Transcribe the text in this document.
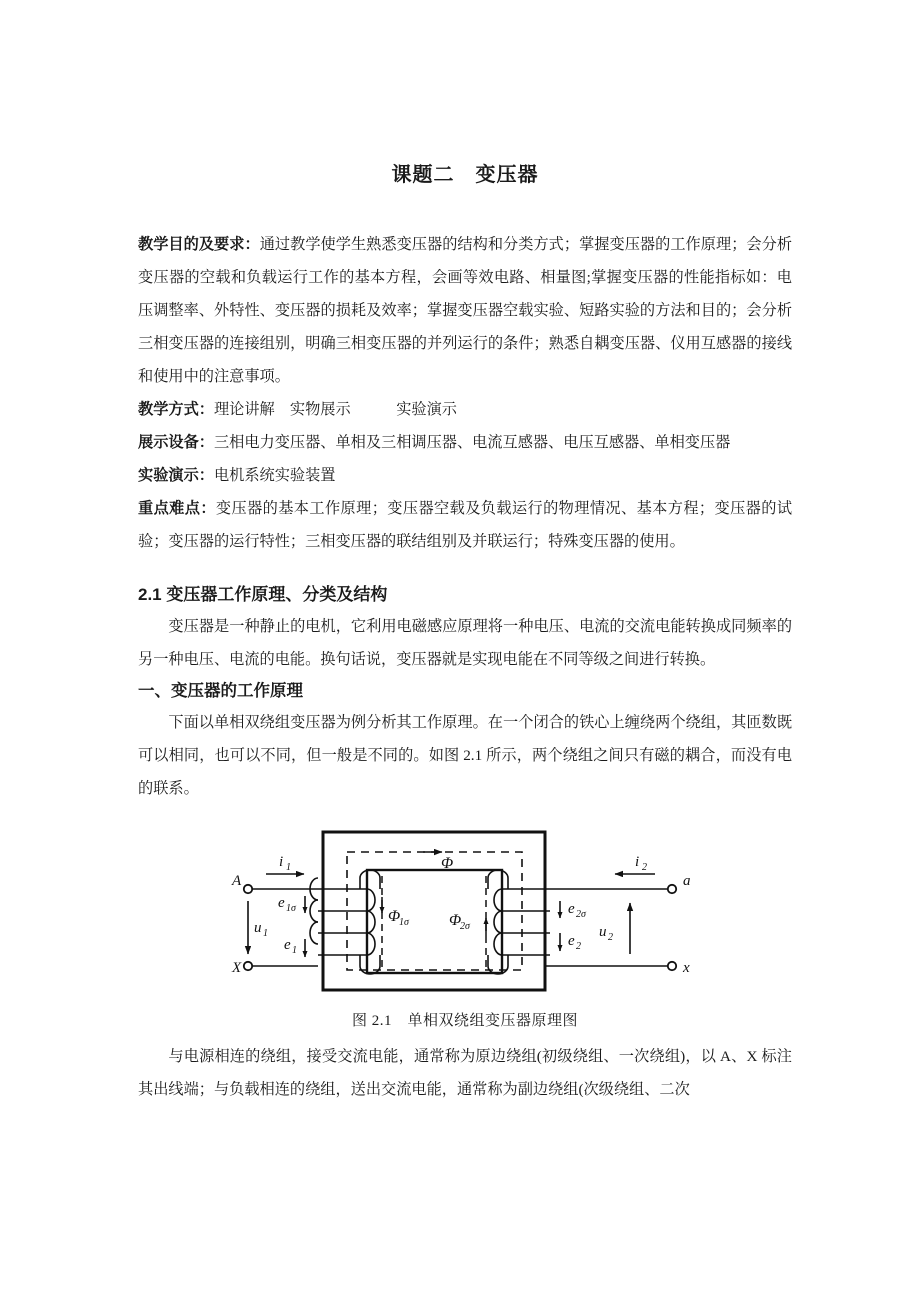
课题二　变压器

教学目的及要求：通过教学使学生熟悉变压器的结构和分类方式；掌握变压器的工作原理；会分析变压器的空载和负载运行工作的基本方程，会画等效电路、相量图;掌握变压器的性能指标如：电压调整率、外特性、变压器的损耗及效率；掌握变压器空载实验、短路实验的方法和目的；会分析三相变压器的连接组别，明确三相变压器的并列运行的条件；熟悉自耦变压器、仪用互感器的接线和使用中的注意事项。

教学方式：理论讲解　实物展示　　　实验演示

展示设备：三相电力变压器、单相及三相调压器、电流互感器、电压互感器、单相变压器

实验演示：电机系统实验装置

重点难点：变压器的基本工作原理；变压器空载及负载运行的物理情况、基本方程；变压器的试验；变压器的运行特性；三相变压器的联结组别及并联运行；特殊变压器的使用。

2.1 变压器工作原理、分类及结构

变压器是一种静止的电机，它利用电磁感应原理将一种电压、电流的交流电能转换成同频率的另一种电压、电流的电能。换句话说，变压器就是实现电能在不同等级之间进行转换。

一、变压器的工作原理

下面以单相双绕组变压器为例分析其工作原理。在一个闭合的铁心上缠绕两个绕组，其匝数既可以相同，也可以不同，但一般是不同的。如图 2.1 所示，两个绕组之间只有磁的耦合，而没有电的联系。

Φ
Φ
1σ	Φ
2σ
A
X
i 1
u 1
e 1σ
e 1
a
x
i 2
u 2
e 2σ
e 2
图 2.1　单相双绕组变压器原理图

与电源相连的绕组，接受交流电能，通常称为原边绕组(初级绕组、一次绕组)，以 A、X 标注其出线端；与负载相连的绕组，送出交流电能，通常称为副边绕组(次级绕组、二次
